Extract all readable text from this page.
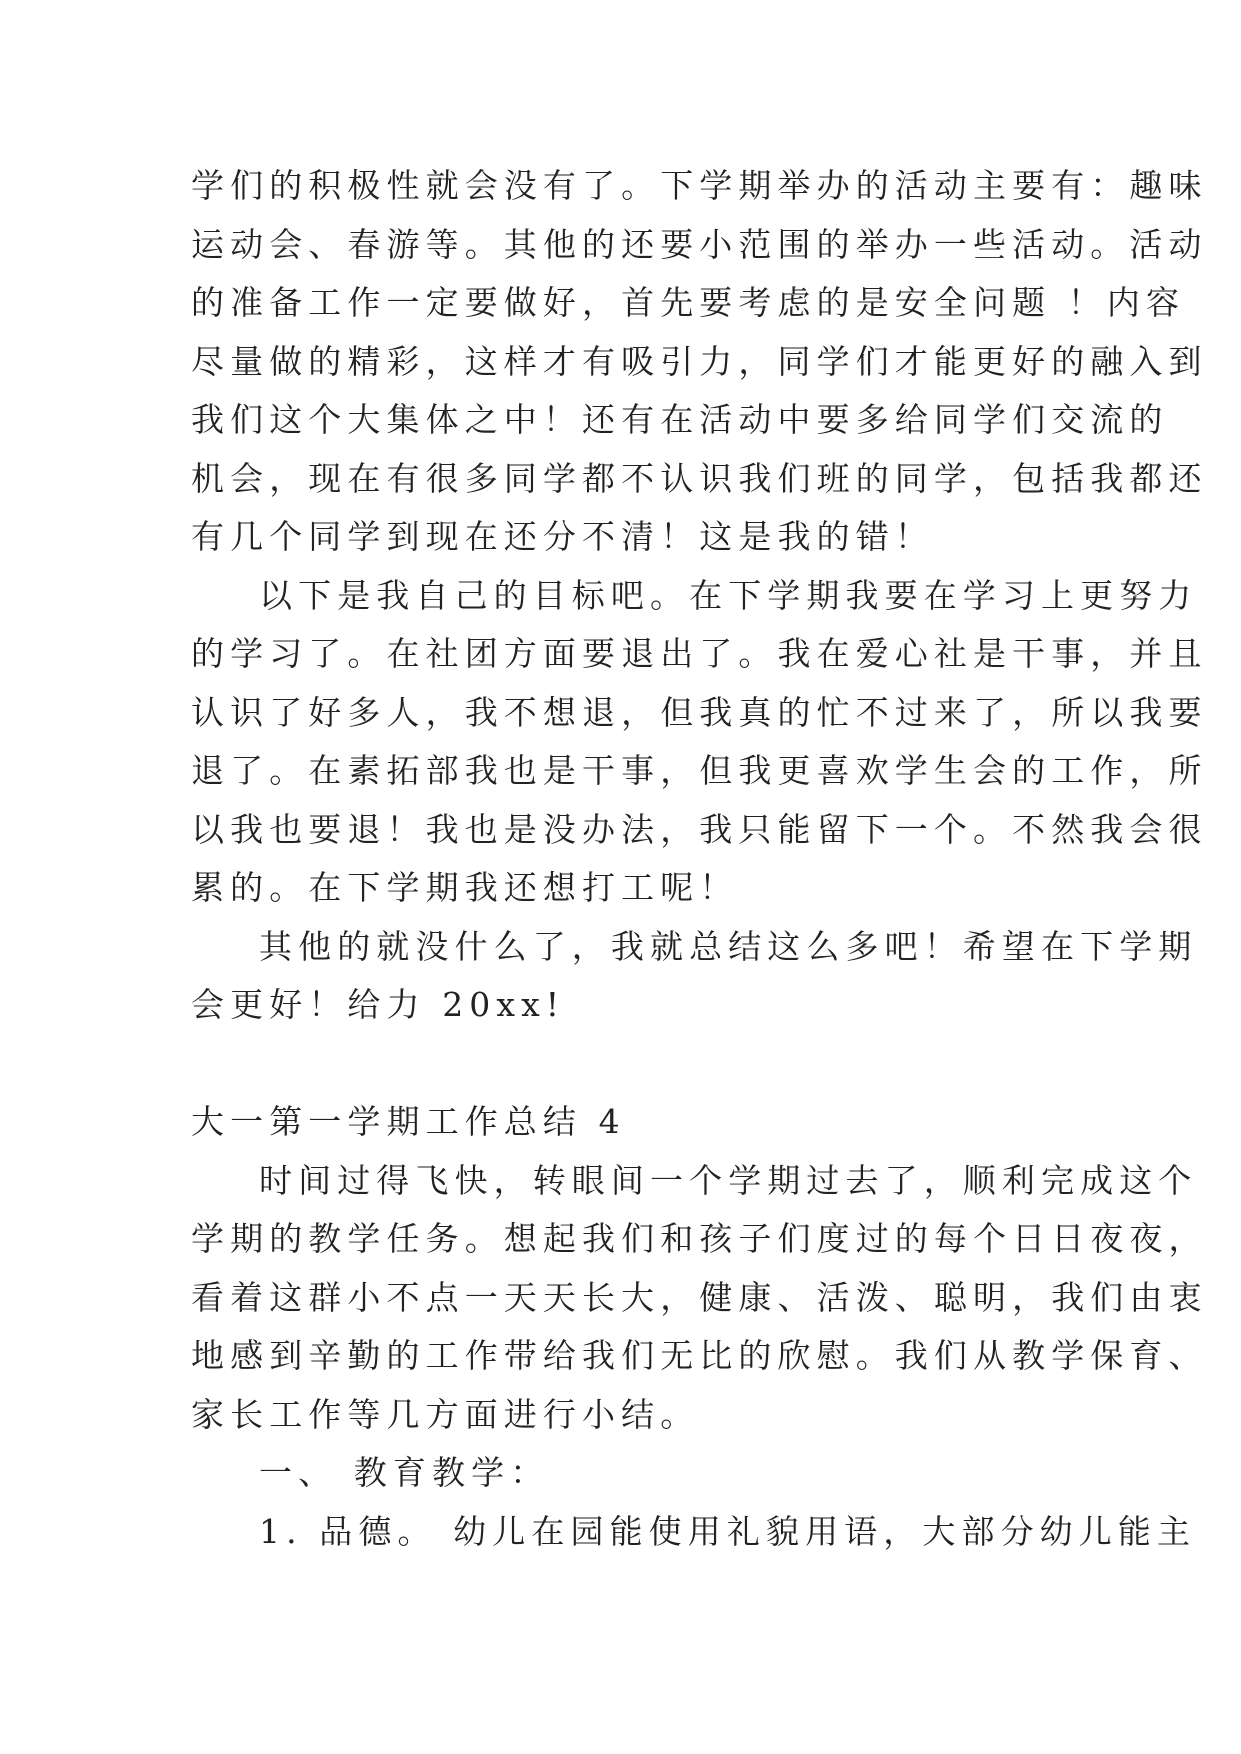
学们的积极性就会没有了。下学期举办的活动主要有：趣味
运动会、春游等。其他的还要小范围的举办一些活动。活动
的准备工作一定要做好，首先要考虑的是安全问题 ！内容
尽量做的精彩，这样才有吸引力，同学们才能更好的融入到
我们这个大集体之中！还有在活动中要多给同学们交流的
机会，现在有很多同学都不认识我们班的同学，包括我都还
有几个同学到现在还分不清！这是我的错！
以下是我自己的目标吧。在下学期我要在学习上更努力
的学习了。在社团方面要退出了。我在爱心社是干事，并且
认识了好多人，我不想退，但我真的忙不过来了，所以我要
退了。在素拓部我也是干事，但我更喜欢学生会的工作，所
以我也要退！我也是没办法，我只能留下一个。不然我会很
累的。在下学期我还想打工呢！
其他的就没什么了，我就总结这么多吧！希望在下学期
会更好！给力 20xx!
大一第一学期工作总结 4
时间过得飞快，转眼间一个学期过去了，顺利完成这个
学期的教学任务。想起我们和孩子们度过的每个日日夜夜，
看着这群小不点一天天长大，健康、活泼、聪明，我们由衷
地感到辛勤的工作带给我们无比的欣慰。我们从教学保育、
家长工作等几方面进行小结。
一、 教育教学：
1. 品德。 幼儿在园能使用礼貌用语，大部分幼儿能主
